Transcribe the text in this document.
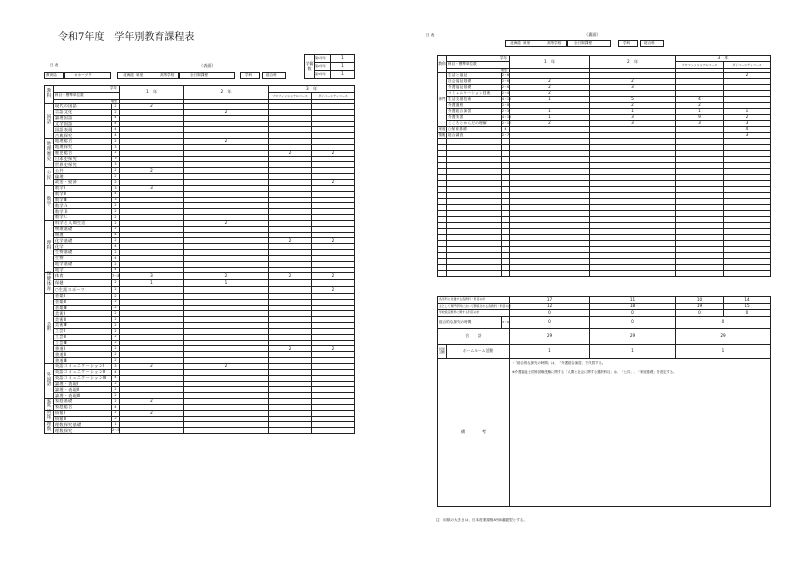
令和7年度　学年別教育課程表
日 表	（表面）
教育局	オホーツク	北海道 斜里	高等学校	全日制課程	学科	総合科
学籍数	第1学年	1
	第2学年	1
	第3学年	1
教科	学年		1　年	2　年	3　年	
	科目・標準単位数				プロフェッショナルコース	ダイバーシティコース
	類型					
国語	現代の国語	2	2			
	言語文化	2		2		
	論理国語	4				
	文学国語	4				
	国語表現	4				
	古典探究	4				
地理歴史	地理総合	2		2		
	地理探究	3				
	歴史総合	2			2	2
	日本史探究	3				
	世界史探究	3				
公民	公共	2	2			
	倫理	2				
	政治・経済	2				2
数学	数学Ⅰ	3	3			
	数学Ⅱ	4				
	数学Ⅲ	3				
	数学Ａ	2				
	数学Ｂ	2				
	数学Ｃ	2				
理科	科学と人間生活	2		2		
	物理基礎	2				
	物理	4				
	化学基礎	2			2	2
	化学	4				
	生物基礎	2				
	生物	4				
	地学基礎	2				
	地学	4				
保健体育	体育	7〜8	3	2	2	2
	保健	2	1	1		
	○生涯スポーツ	2				2
芸術	音楽Ⅰ	2				
	音楽Ⅱ	2				
	音楽Ⅲ	2				
	美術Ⅰ	2				
	美術Ⅱ	2				
	美術Ⅲ	2				
	工芸Ⅰ	2				
	工芸Ⅱ	2				
	工芸Ⅲ	2				
	書道Ⅰ	2			2	2
	書道Ⅱ	2				
	書道Ⅲ	2				
外国語	英語コミュニケーションⅠ	3	2	2		
	英語コミュニケーションⅡ	4				
	英語コミュニケーションⅢ	4				
	論理・表現Ⅰ	2				
	論理・表現Ⅱ	2				
	論理・表現Ⅲ	2				
家庭	家庭基礎	2	2			
	家庭総合	4				
情報	情報Ⅰ	2	2			
	情報Ⅱ	2				
理数	理数探究基礎	1				
	理数探究	2〜5				
日 表	（裏面）
北海道 斜里	高等学校	全日制課程	学科	総合科
教科	学年		1　年	2　年	3　年	
	科目・標準単位数				プロフェッショナルコース	ダイバーシティコース
	類型					
専門	生活と福祉	2〜6				2
	社会福祉基礎	2〜6	2	2		
	介護福祉基礎	2〜6	2	3		
	コミュニケーション技術	2〜4	2			
	生活支援技術	4〜10	1	5	4	
	介護過程	2〜8		2	2	
	介護総合演習	2〜3	1	1	1	1
	介護実習	4〜16	1	3	9	2
	こころとからだの理解	2〜12	2	3	3	3
家庭	○保育基礎	4				4
情報	総合調査	2〜7				3

各学科に共通する各教科・科目の計			17	11	10	14
主として専門学科において開設される各教科・科目の計			12	18	19	15
学校設定教科に関する科目の計			0	0	0	0
総合的な探究の時間		3〜6	0	0	0	
合　　計			29	29	29	
特別活動	ホームルーム活動		1	1	1	
備　　　　考			・「総合的な探究の時間」は、「介護総合演習」で代替する。
※介護福祉士国家試験受験に関する「人間と社会に関する選択科目」は、「公共」、「家庭基礎」を設定する。			
注　用紙の大きさは、日本産業規格A列4番縦型とする。
